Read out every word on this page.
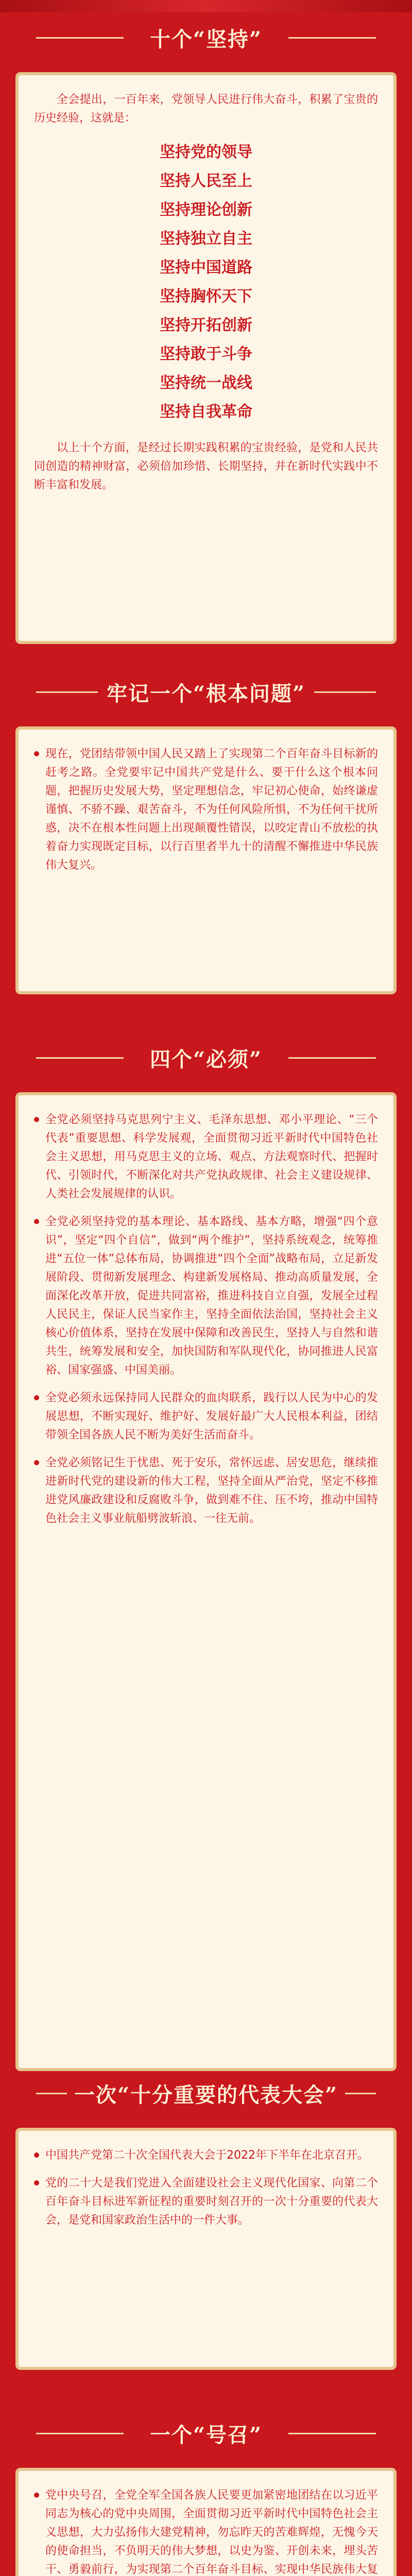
十个“坚持”

全会提出，一百年来，党领导人民进行伟大奋斗，积累了宝贵的历史经验，这就是：

坚持党的领导
坚持人民至上
坚持理论创新
坚持独立自主
坚持中国道路
坚持胸怀天下
坚持开拓创新
坚持敢于斗争
坚持统一战线
坚持自我革命

以上十个方面，是经过长期实践积累的宝贵经验，是党和人民共同创造的精神财富，必须倍加珍惜、长期坚持，并在新时代实践中不断丰富和发展。

牢记一个“根本问题”
现在，党团结带领中国人民又踏上了实现第二个百年奋斗目标新的赶考之路。全党要牢记中国共产党是什么、要干什么这个根本问题，把握历史发展大势，坚定理想信念，牢记初心使命，始终谦虚谨慎、不骄不躁、艰苦奋斗，不为任何风险所惧，不为任何干扰所惑，决不在根本性问题上出现颠覆性错误，以咬定青山不放松的执着奋力实现既定目标，以行百里者半九十的清醒不懈推进中华民族伟大复兴。
四个“必须”
全党必须坚持马克思列宁主义、毛泽东思想、邓小平理论、“三个代表”重要思想、科学发展观，全面贯彻习近平新时代中国特色社会主义思想，用马克思主义的立场、观点、方法观察时代、把握时代、引领时代，不断深化对共产党执政规律、社会主义建设规律、人类社会发展规律的认识。
全党必须坚持党的基本理论、基本路线、基本方略，增强“四个意识”，坚定“四个自信”，做到“两个维护”，坚持系统观念，统筹推进“五位一体”总体布局，协调推进“四个全面”战略布局，立足新发展阶段、贯彻新发展理念、构建新发展格局、推动高质量发展，全面深化改革开放，促进共同富裕，推进科技自立自强，发展全过程人民民主，保证人民当家作主，坚持全面依法治国，坚持社会主义核心价值体系，坚持在发展中保障和改善民生，坚持人与自然和谐共生，统筹发展和安全，加快国防和军队现代化，协同推进人民富裕、国家强盛、中国美丽。
全党必须永远保持同人民群众的血肉联系，践行以人民为中心的发展思想，不断实现好、维护好、发展好最广大人民根本利益，团结带领全国各族人民不断为美好生活而奋斗。
全党必须铭记生于忧患、死于安乐，常怀远虑、居安思危，继续推进新时代党的建设新的伟大工程，坚持全面从严治党，坚定不移推进党风廉政建设和反腐败斗争，做到难不住、压不垮，推动中国特色社会主义事业航船劈波斩浪、一往无前。
一次“十分重要的代表大会”
中国共产党第二十次全国代表大会于2022年下半年在北京召开。
党的二十大是我们党进入全面建设社会主义现代化国家、向第二个百年奋斗目标进军新征程的重要时刻召开的一次十分重要的代表大会，是党和国家政治生活中的一件大事。
一个“号召”
党中央号召，全党全军全国各族人民要更加紧密地团结在以习近平同志为核心的党中央周围，全面贯彻习近平新时代中国特色社会主义思想，大力弘扬伟大建党精神，勿忘昨天的苦难辉煌，无愧今天的使命担当，不负明天的伟大梦想，以史为鉴、开创未来，埋头苦干、勇毅前行，为实现第二个百年奋斗目标、实现中华民族伟大复
